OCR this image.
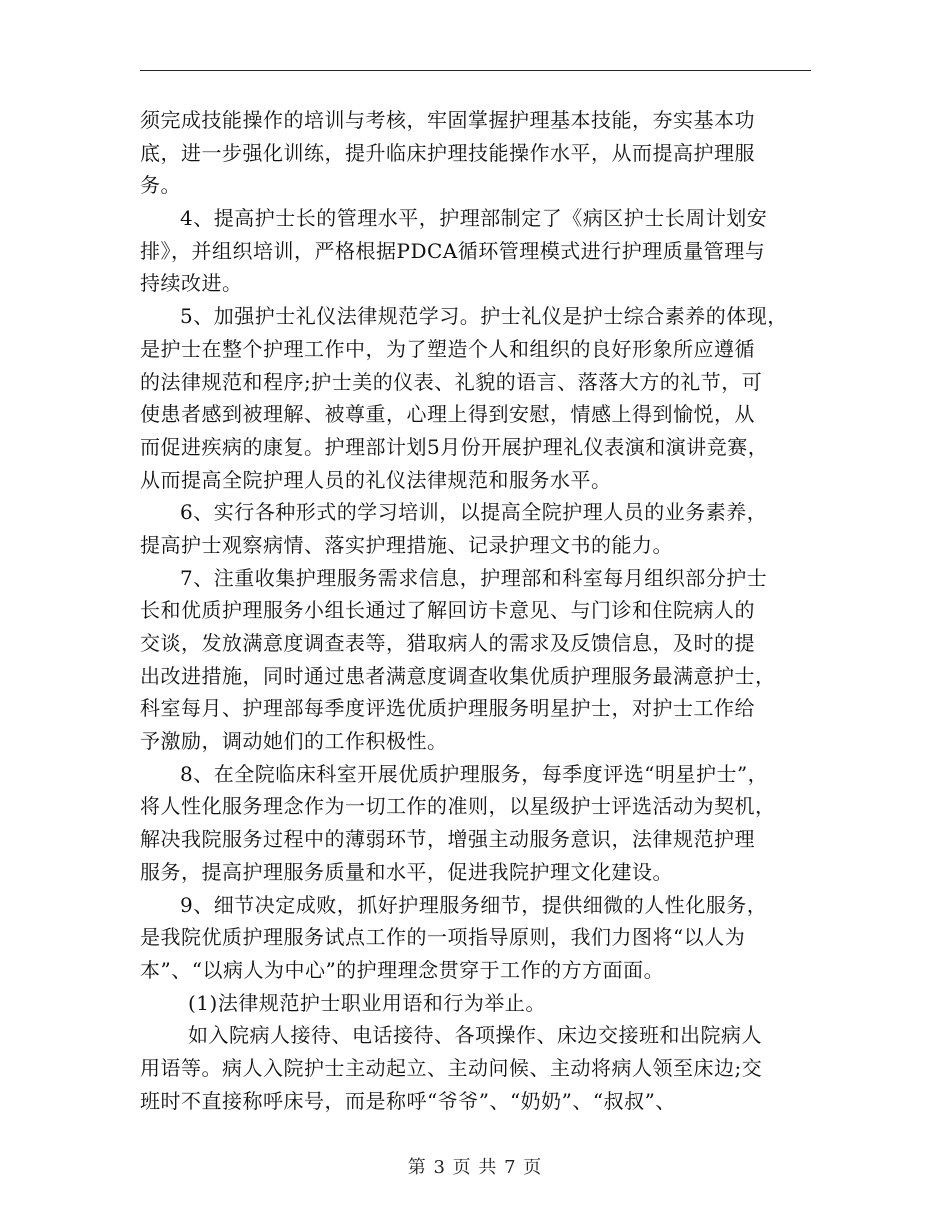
须完成技能操作的培训与考核，牢固掌握护理基本技能，夯实基本功
底，进一步强化训练，提升临床护理技能操作水平，从而提高护理服
务。
4、提高护士长的管理水平，护理部制定了《病区护士长周计划安
排》，并组织培训，严格根据PDCA循环管理模式进行护理质量管理与
持续改进。
5、加强护士礼仪法律规范学习。护士礼仪是护士综合素养的体现，
是护士在整个护理工作中，为了塑造个人和组织的良好形象所应遵循
的法律规范和程序;护士美的仪表、礼貌的语言、落落大方的礼节，可
使患者感到被理解、被尊重，心理上得到安慰，情感上得到愉悦，从
而促进疾病的康复。护理部计划5月份开展护理礼仪表演和演讲竞赛，
从而提高全院护理人员的礼仪法律规范和服务水平。
6、实行各种形式的学习培训，以提高全院护理人员的业务素养，
提高护士观察病情、落实护理措施、记录护理文书的能力。
7、注重收集护理服务需求信息，护理部和科室每月组织部分护士
长和优质护理服务小组长通过了解回访卡意见、与门诊和住院病人的
交谈，发放满意度调查表等，猎取病人的需求及反馈信息，及时的提
出改进措施，同时通过患者满意度调查收集优质护理服务最满意护士，
科室每月、护理部每季度评选优质护理服务明星护士，对护士工作给
予激励，调动她们的工作积极性。
8、在全院临床科室开展优质护理服务，每季度评选“明星护士”，
将人性化服务理念作为一切工作的准则，以星级护士评选活动为契机，
解决我院服务过程中的薄弱环节，增强主动服务意识，法律规范护理
服务，提高护理服务质量和水平，促进我院护理文化建设。
9、细节决定成败，抓好护理服务细节，提供细微的人性化服务，
是我院优质护理服务试点工作的一项指导原则，我们力图将“以人为
本”、“以病人为中心”的护理理念贯穿于工作的方方面面。
(1)法律规范护士职业用语和行为举止。
如入院病人接待、电话接待、各项操作、床边交接班和出院病人
用语等。病人入院护士主动起立、主动问候、主动将病人领至床边;交
班时不直接称呼床号，而是称呼“爷爷”、“奶奶”、“叔叔”、
第 3 页 共 7 页
